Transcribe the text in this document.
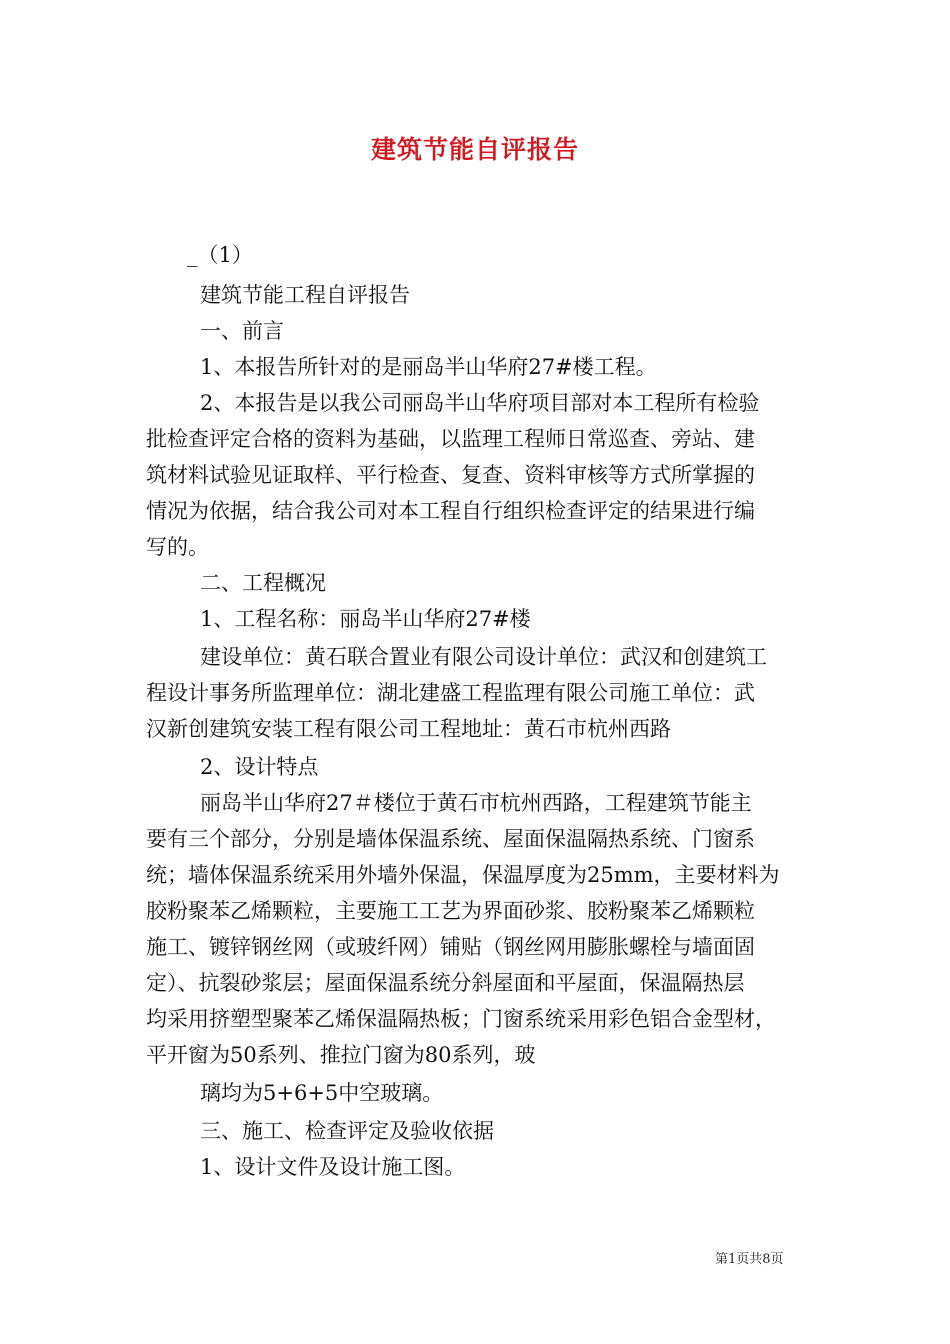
建筑节能自评报告
_（1）
建筑节能工程自评报告
一、前言
1、本报告所针对的是丽岛半山华府27#楼工程。
2、本报告是以我公司丽岛半山华府项目部对本工程所有检验
批检查评定合格的资料为基础，以监理工程师日常巡查、旁站、建
筑材料试验见证取样、平行检查、复查、资料审核等方式所掌握的
情况为依据，结合我公司对本工程自行组织检查评定的结果进行编
写的。
二、工程概况
1、工程名称：丽岛半山华府27#楼
建设单位：黄石联合置业有限公司设计单位：武汉和创建筑工
程设计事务所监理单位：湖北建盛工程监理有限公司施工单位：武
汉新创建筑安装工程有限公司工程地址：黄石市杭州西路
2、设计特点
丽岛半山华府27＃楼位于黄石市杭州西路，工程建筑节能主
要有三个部分，分别是墙体保温系统、屋面保温隔热系统、门窗系
统；墙体保温系统采用外墙外保温，保温厚度为25mm，主要材料为
胶粉聚苯乙烯颗粒，主要施工工艺为界面砂浆、胶粉聚苯乙烯颗粒
施工、镀锌钢丝网（或玻纤网）铺贴（钢丝网用膨胀螺栓与墙面固
定）、抗裂砂浆层；屋面保温系统分斜屋面和平屋面，保温隔热层
均采用挤塑型聚苯乙烯保温隔热板；门窗系统采用彩色铝合金型材，
平开窗为50系列、推拉门窗为80系列，玻
璃均为5+6+5中空玻璃。
三、施工、检查评定及验收依据
1、设计文件及设计施工图。
第1页共8页
